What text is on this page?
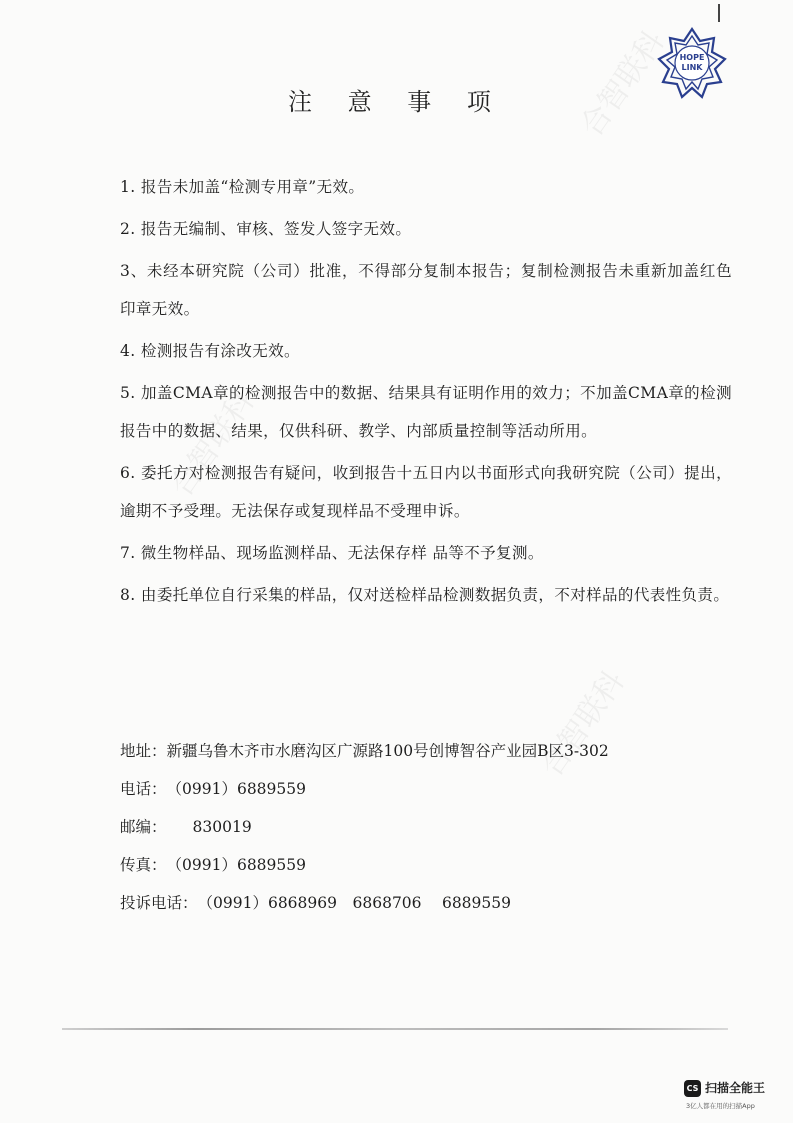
合智联科
合智联科
合智联科
HOPE
LINK
注 意 事 项

1. 报告未加盖“检测专用章”无效。

2. 报告无编制、审核、签发人签字无效。

3、未经本研究院（公司）批准，不得部分复制本报告；复制检测报告未重新加盖红色印章无效。

4. 检测报告有涂改无效。

5. 加盖CMA章的检测报告中的数据、结果具有证明作用的效力；不加盖CMA章的检测报告中的数据、结果，仅供科研、教学、内部质量控制等活动所用。

6. 委托方对检测报告有疑问，收到报告十五日内以书面形式向我研究院（公司）提出，逾期不予受理。无法保存或复现样品不受理申诉。

7. 微生物样品、现场监测样品、无法保存样 品等不予复测。

8. 由委托单位自行采集的样品，仅对送检样品检测数据负责，不对样品的代表性负责。

地址：新疆乌鲁木齐市水磨沟区广源路100号创博智谷产业园B区3-302
电话：（0991）6889559
邮编： 830019
传真：（0991）6889559
投诉电话：（0991）6868969　6868706　 6889559
CS 扫描全能王
3亿人都在用的扫描App
